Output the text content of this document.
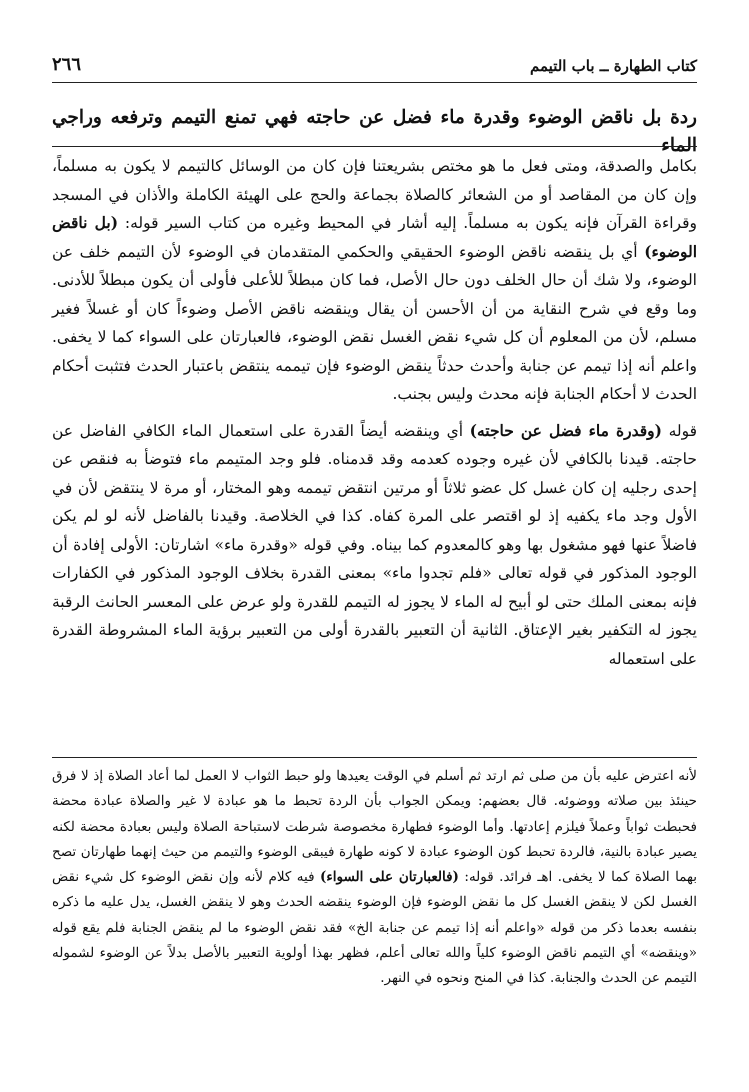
كتاب الطهارة ــ باب التيمم
٢٦٦
ردة بل ناقض الوضوء وقدرة ماء فضل عن حاجته فهي تمنع التيمم وترفعه وراجي الماء

بكامل والصدقة، ومتى فعل ما هو مختص بشريعتنا فإن كان من الوسائل كالتيمم لا يكون به مسلماً، وإن كان من المقاصد أو من الشعائر كالصلاة بجماعة والحج على الهيئة الكاملة والأذان في المسجد وقراءة القرآن فإنه يكون به مسلماً. إليه أشار في المحيط وغيره من كتاب السير قوله: (بل ناقض الوضوء) أي بل ينقضه ناقض الوضوء الحقيقي والحكمي المتقدمان في الوضوء لأن التيمم خلف عن الوضوء، ولا شك أن حال الخلف دون حال الأصل، فما كان مبطلاً للأعلى فأولى أن يكون مبطلاً للأدنى. وما وقع في شرح النقاية من أن الأحسن أن يقال وينقضه ناقض الأصل وضوءاً كان أو غسلاً فغير مسلم، لأن من المعلوم أن كل شيء نقض الغسل نقض الوضوء، فالعبارتان على السواء كما لا يخفى. واعلم أنه إذا تيمم عن جنابة وأحدث حدثاً ينقض الوضوء فإن تيممه ينتقض باعتبار الحدث فتثبت أحكام الحدث لا أحكام الجنابة فإنه محدث وليس بجنب.

قوله (وقدرة ماء فضل عن حاجته) أي وينقضه أيضاً القدرة على استعمال الماء الكافي الفاضل عن حاجته. قيدنا بالكافي لأن غيره وجوده كعدمه وقد قدمناه. فلو وجد المتيمم ماء فتوضأ به فنقص عن إحدى رجليه إن كان غسل كل عضو ثلاثاً أو مرتين انتقض تيممه وهو المختار، أو مرة لا ينتقض لأن في الأول وجد ماء يكفيه إذ لو اقتصر على المرة كفاه. كذا في الخلاصة. وقيدنا بالفاضل لأنه لو لم يكن فاضلاً عنها فهو مشغول بها وهو كالمعدوم كما بيناه. وفي قوله «وقدرة ماء» اشارتان: الأولى إفادة أن الوجود المذكور في قوله تعالى «فلم تجدوا ماء» بمعنى القدرة بخلاف الوجود المذكور في الكفارات فإنه بمعنى الملك حتى لو أبيح له الماء لا يجوز له التيمم للقدرة ولو عرض على المعسر الحانث الرقبة يجوز له التكفير بغير الإعتاق. الثانية أن التعبير بالقدرة أولى من التعبير برؤية الماء المشروطة القدرة على استعماله

لأنه اعترض عليه بأن من صلى ثم ارتد ثم أسلم في الوقت يعيدها ولو حبط الثواب لا العمل لما أعاد الصلاة إذ لا فرق حينئذ بين صلاته ووضوئه. قال بعضهم: ويمكن الجواب بأن الردة تحبط ما هو عبادة لا غير والصلاة عبادة محضة فحبطت ثواباً وعملاً فيلزم إعادتها. وأما الوضوء فطهارة مخصوصة شرطت لاستباحة الصلاة وليس بعبادة محضة لكنه يصير عبادة بالنية، فالردة تحبط كون الوضوء عبادة لا كونه طهارة فيبقى الوضوء والتيمم من حيث إنهما طهارتان تصح بهما الصلاة كما لا يخفى. اهـ فرائد. قوله: (فالعبارتان على السواء) فيه كلام لأنه وإن نقض الوضوء كل شيء نقض الغسل لكن لا ينقض الغسل كل ما نقض الوضوء فإن الوضوء ينقضه الحدث وهو لا ينقض الغسل، يدل عليه ما ذكره بنفسه بعدما ذكر من قوله «واعلم أنه إذا تيمم عن جنابة الخ» فقد نقض الوضوء ما لم ينقض الجنابة فلم يقع قوله «وينقضه» أي التيمم ناقض الوضوء كلياً والله تعالى أعلم، فظهر بهذا أولوية التعبير بالأصل بدلاً عن الوضوء لشموله التيمم عن الحدث والجنابة. كذا في المنح ونحوه في النهر.
